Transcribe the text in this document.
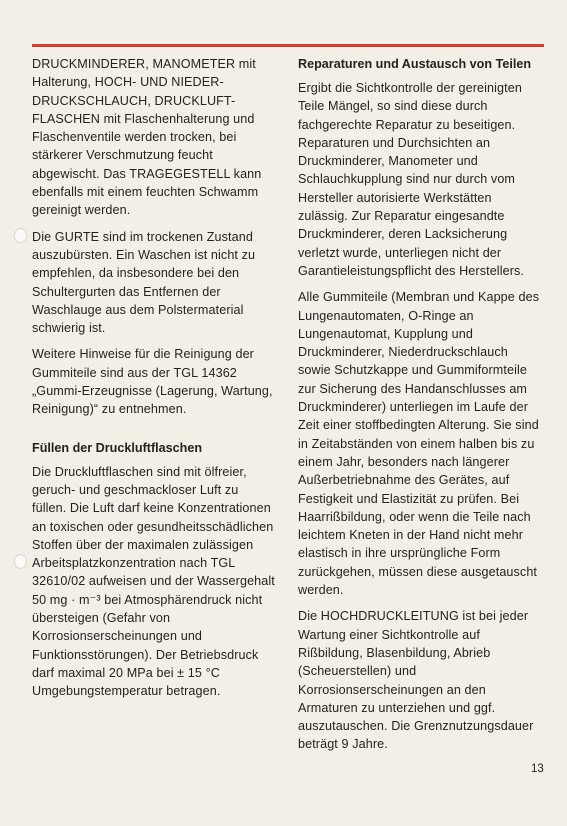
DRUCKMINDERER, MANOMETER mit Halterung, HOCH- UND NIEDER-DRUCKSCHLAUCH, DRUCKLUFT-FLASCHEN mit Flaschenhalterung und Flaschenventile werden trocken, bei stärkerer Verschmutzung feucht abgewischt. Das TRAGEGESTELL kann ebenfalls mit einem feuchten Schwamm gereinigt werden.

Die GURTE sind im trockenen Zustand auszubürsten. Ein Waschen ist nicht zu empfehlen, da insbesondere bei den Schultergurten das Entfernen der Waschlauge aus dem Polstermaterial schwierig ist.

Weitere Hinweise für die Reinigung der Gummiteile sind aus der TGL 14362 „Gummi-Erzeugnisse (Lagerung, Wartung, Reinigung)“ zu entnehmen.

Füllen der Druckluftflaschen

Die Druckluftflaschen sind mit ölfreier, geruch- und geschmackloser Luft zu füllen. Die Luft darf keine Konzentrationen an toxischen oder gesundheitsschädlichen Stoffen über der maximalen zulässigen Arbeitsplatzkonzentration nach TGL 32610/02 aufweisen und der Wassergehalt 50 mg · m⁻³ bei Atmosphärendruck nicht übersteigen (Gefahr von Korrosionserscheinungen und Funktionsstörungen). Der Betriebsdruck darf maximal 20 MPa bei ± 15 °C Umgebungstemperatur betragen.

Reparaturen und Austausch von Teilen

Ergibt die Sichtkontrolle der gereinigten Teile Mängel, so sind diese durch fachgerechte Reparatur zu beseitigen. Reparaturen und Durchsichten an Druckminderer, Manometer und Schlauchkupplung sind nur durch vom Hersteller autorisierte Werkstätten zulässig. Zur Reparatur eingesandte Druckminderer, deren Lacksicherung verletzt wurde, unterliegen nicht der Garantieleistungspflicht des Herstellers.

Alle Gummiteile (Membran und Kappe des Lungenautomaten, O-Ringe an Lungenautomat, Kupplung und Druckminderer, Niederdruckschlauch sowie Schutzkappe und Gummiformteile zur Sicherung des Handanschlusses am Druckminderer) unterliegen im Laufe der Zeit einer stoffbedingten Alterung. Sie sind in Zeitabständen von einem halben bis zu einem Jahr, besonders nach längerer Außerbetriebnahme des Gerätes, auf Festigkeit und Elastizität zu prüfen. Bei Haarrißbildung, oder wenn die Teile nach leichtem Kneten in der Hand nicht mehr elastisch in ihre ursprüngliche Form zurückgehen, müssen diese ausgetauscht werden.

Die HOCHDRUCKLEITUNG ist bei jeder Wartung einer Sichtkontrolle auf Rißbildung, Blasenbildung, Abrieb (Scheuerstellen) und Korrosionserscheinungen an den Armaturen zu unterziehen und ggf. auszutauschen. Die Grenznutzungsdauer beträgt 9 Jahre.

13
